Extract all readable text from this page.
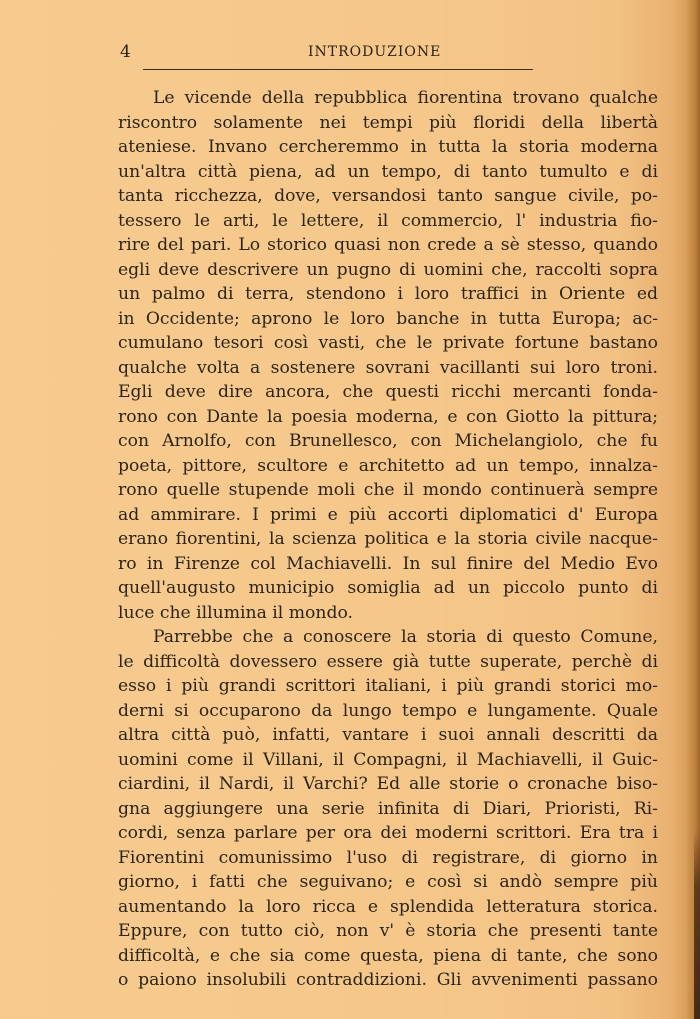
4	INTRODUZIONE
Le vicende della repubblica fiorentina trovano qualche
riscontro solamente nei tempi più floridi della libertà
ateniese. Invano cercheremmo in tutta la storia moderna
un'altra città piena, ad un tempo, di tanto tumulto e di
tanta ricchezza, dove, versandosi tanto sangue civile, po-
tessero le arti, le lettere, il commercio, l' industria fio-
rire del pari. Lo storico quasi non crede a sè stesso, quando
egli deve descrivere un pugno di uomini che, raccolti sopra
un palmo di terra, stendono i loro traffici in Oriente ed
in Occidente; aprono le loro banche in tutta Europa; ac-
cumulano tesori così vasti, che le private fortune bastano
qualche volta a sostenere sovrani vacillanti sui loro troni.
Egli deve dire ancora, che questi ricchi mercanti fonda-
rono con Dante la poesia moderna, e con Giotto la pittura;
con Arnolfo, con Brunellesco, con Michelangiolo, che fu
poeta, pittore, scultore e architetto ad un tempo, innalza-
rono quelle stupende moli che il mondo continuerà sempre
ad ammirare. I primi e più accorti diplomatici d' Europa
erano fiorentini, la scienza politica e la storia civile nacque-
ro in Firenze col Machiavelli. In sul finire del Medio Evo
quell'augusto municipio somiglia ad un piccolo punto di
luce che illumina il mondo.
Parrebbe che a conoscere la storia di questo Comune,
le difficoltà dovessero essere già tutte superate, perchè di
esso i più grandi scrittori italiani, i più grandi storici mo-
derni si occuparono da lungo tempo e lungamente. Quale
altra città può, infatti, vantare i suoi annali descritti da
uomini come il Villani, il Compagni, il Machiavelli, il Guic-
ciardini, il Nardi, il Varchi? Ed alle storie o cronache biso-
gna aggiungere una serie infinita di Diari, Prioristi, Ri-
cordi, senza parlare per ora dei moderni scrittori. Era tra i
Fiorentini comunissimo l'uso di registrare, di giorno in
giorno, i fatti che seguivano; e così si andò sempre più
aumentando la loro ricca e splendida letteratura storica.
Eppure, con tutto ciò, non v' è storia che presenti tante
difficoltà, e che sia come questa, piena di tante, che sono
o paiono insolubili contraddizioni. Gli avvenimenti passano
